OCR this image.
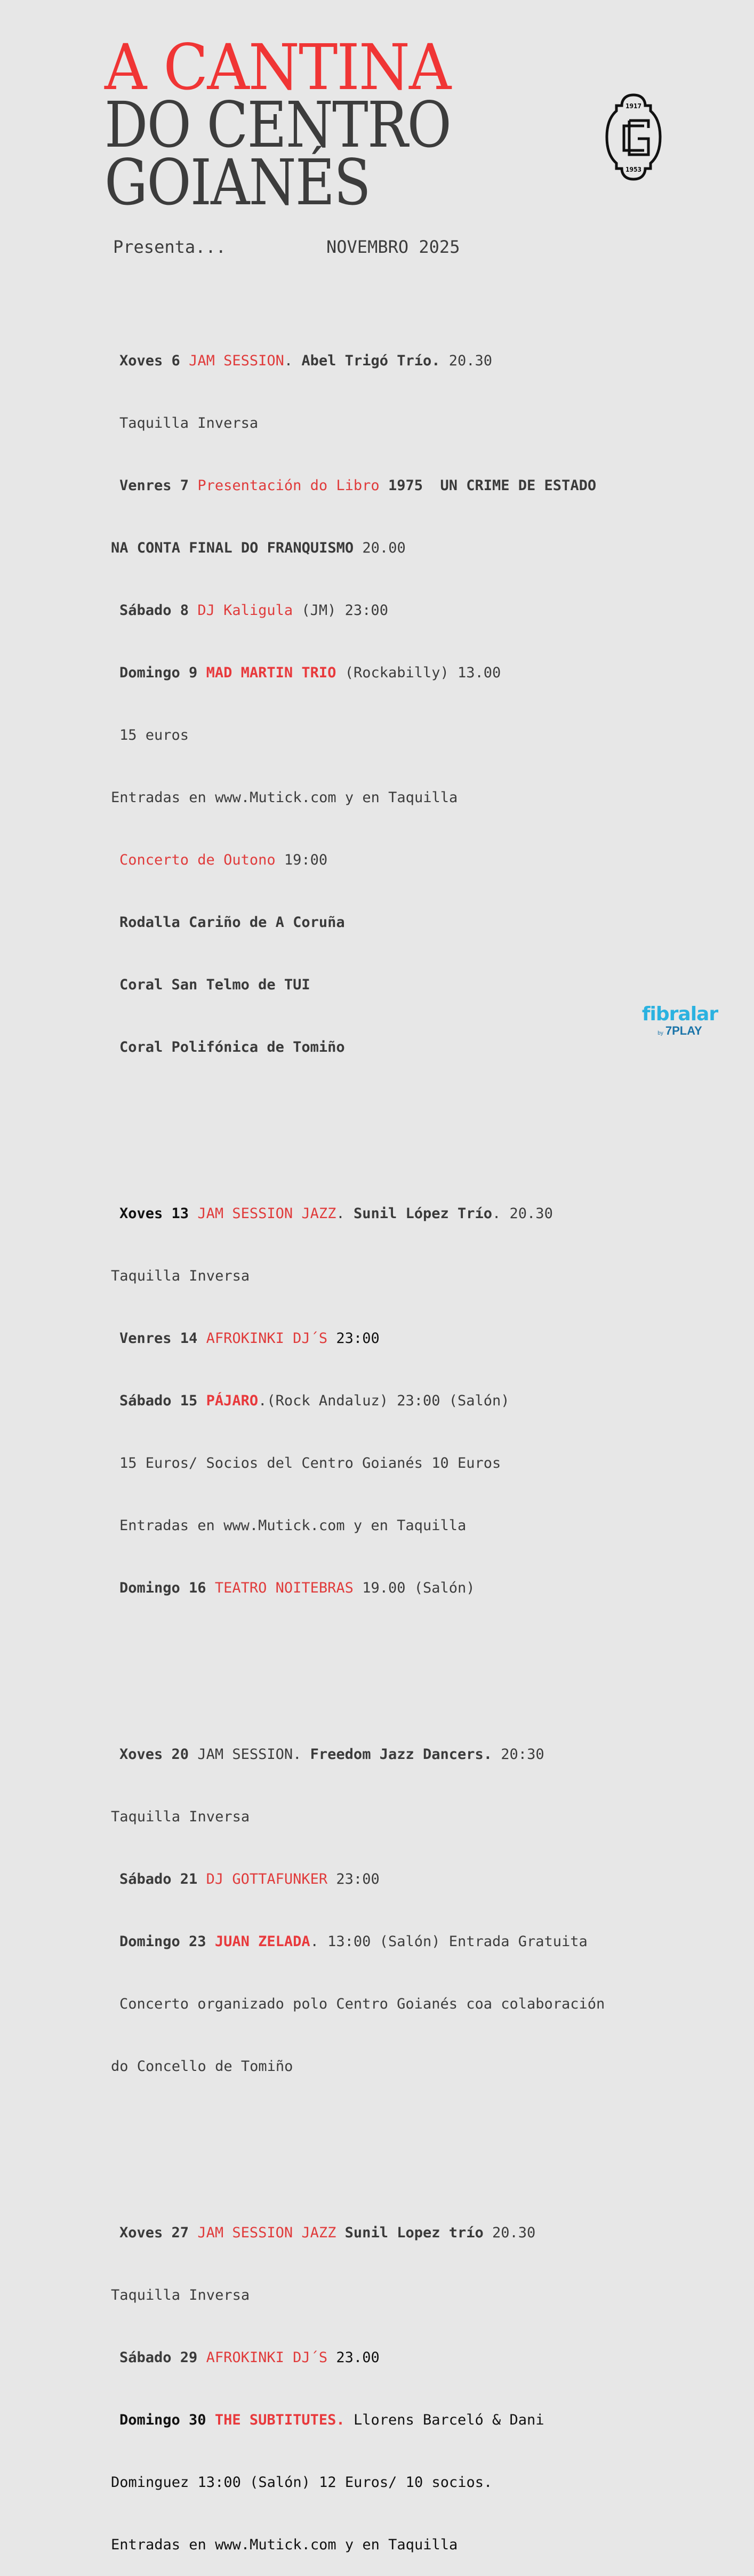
A CANTINA
DO CENTRO
GOIANÉS
1917
1953
Presenta...	NOVEMBRO 2025

Xoves 6 JAM SESSION. Abel Trigó Trío. 20.30

Taquilla Inversa

Venres 7 Presentación do Libro 1975  UN CRIME DE ESTADO

NA CONTA FINAL DO FRANQUISMO 20.00

Sábado 8 DJ Kaligula (JM) 23:00

Domingo 9 MAD MARTIN TRIO (Rockabilly) 13.00

15 euros

Entradas en www.Mutick.com y en Taquilla

Concerto de Outono 19:00

Rodalla Cariño de A Coruña

Coral San Telmo de TUI

Coral Polifónica de Tomiño

Xoves 13 JAM SESSION JAZZ. Sunil López Trío. 20.30

Taquilla Inversa

Venres 14 AFROKINKI DJ´S 23:00

Sábado 15 PÁJARO.(Rock Andaluz) 23:00 (Salón)

15 Euros/ Socios del Centro Goianés 10 Euros

Entradas en www.Mutick.com y en Taquilla

Domingo 16 TEATRO NOITEBRAS 19.00 (Salón)

Xoves 20 JAM SESSION. Freedom Jazz Dancers. 20:30

Taquilla Inversa

Sábado 21 DJ GOTTAFUNKER 23:00

Domingo 23 JUAN ZELADA. 13:00 (Salón) Entrada Gratuita

Concerto organizado polo Centro Goianés coa colaboración

do Concello de Tomiño

Xoves 27 JAM SESSION JAZZ Sunil Lopez trío 20.30

Taquilla Inversa

Sábado 29 AFROKINKI DJ´S 23.00

Domingo 30 THE SUBTITUTES. Llorens Barceló & Dani

Dominguez 13:00 (Salón) 12 Euros/ 10 socios.

Entradas en www.Mutick.com y en Taquilla

fibralar
by 7PLAY
